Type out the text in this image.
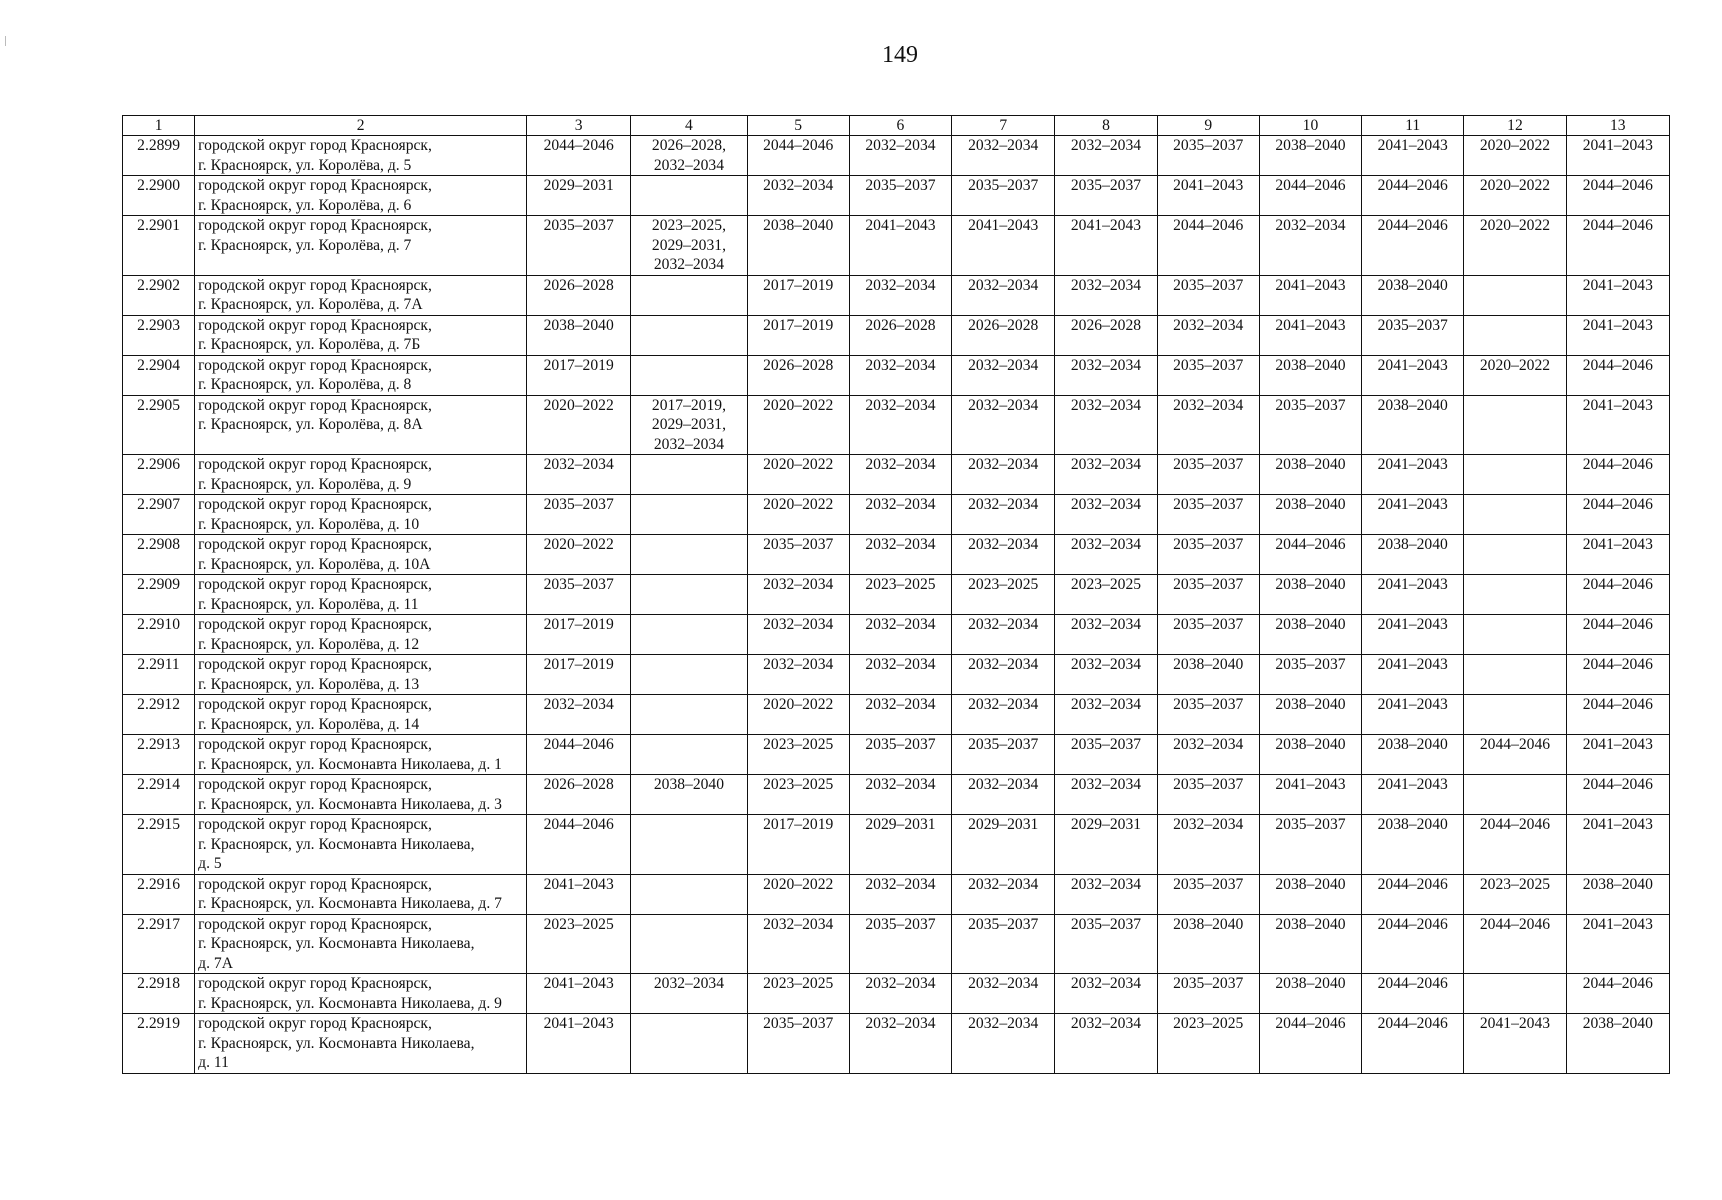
149
1	2	3	4	5	6	7	8	9	10	11	12	13
2.2899	городской округ город Красноярск,
г. Красноярск, ул. Королёва, д. 5	2044–2046	2026–2028,
2032–2034	2044–2046	2032–2034	2032–2034	2032–2034	2035–2037	2038–2040	2041–2043	2020–2022	2041–2043
2.2900	городской округ город Красноярск,
г. Красноярск, ул. Королёва, д. 6	2029–2031		2032–2034	2035–2037	2035–2037	2035–2037	2041–2043	2044–2046	2044–2046	2020–2022	2044–2046
2.2901	городской округ город Красноярск,
г. Красноярск, ул. Королёва, д. 7	2035–2037	2023–2025,
2029–2031,
2032–2034	2038–2040	2041–2043	2041–2043	2041–2043	2044–2046	2032–2034	2044–2046	2020–2022	2044–2046
2.2902	городской округ город Красноярск,
г. Красноярск, ул. Королёва, д. 7А	2026–2028		2017–2019	2032–2034	2032–2034	2032–2034	2035–2037	2041–2043	2038–2040		2041–2043
2.2903	городской округ город Красноярск,
г. Красноярск, ул. Королёва, д. 7Б	2038–2040		2017–2019	2026–2028	2026–2028	2026–2028	2032–2034	2041–2043	2035–2037		2041–2043
2.2904	городской округ город Красноярск,
г. Красноярск, ул. Королёва, д. 8	2017–2019		2026–2028	2032–2034	2032–2034	2032–2034	2035–2037	2038–2040	2041–2043	2020–2022	2044–2046
2.2905	городской округ город Красноярск,
г. Красноярск, ул. Королёва, д. 8А	2020–2022	2017–2019,
2029–2031,
2032–2034	2020–2022	2032–2034	2032–2034	2032–2034	2032–2034	2035–2037	2038–2040		2041–2043
2.2906	городской округ город Красноярск,
г. Красноярск, ул. Королёва, д. 9	2032–2034		2020–2022	2032–2034	2032–2034	2032–2034	2035–2037	2038–2040	2041–2043		2044–2046
2.2907	городской округ город Красноярск,
г. Красноярск, ул. Королёва, д. 10	2035–2037		2020–2022	2032–2034	2032–2034	2032–2034	2035–2037	2038–2040	2041–2043		2044–2046
2.2908	городской округ город Красноярск,
г. Красноярск, ул. Королёва, д. 10А	2020–2022		2035–2037	2032–2034	2032–2034	2032–2034	2035–2037	2044–2046	2038–2040		2041–2043
2.2909	городской округ город Красноярск,
г. Красноярск, ул. Королёва, д. 11	2035–2037		2032–2034	2023–2025	2023–2025	2023–2025	2035–2037	2038–2040	2041–2043		2044–2046
2.2910	городской округ город Красноярск,
г. Красноярск, ул. Королёва, д. 12	2017–2019		2032–2034	2032–2034	2032–2034	2032–2034	2035–2037	2038–2040	2041–2043		2044–2046
2.2911	городской округ город Красноярск,
г. Красноярск, ул. Королёва, д. 13	2017–2019		2032–2034	2032–2034	2032–2034	2032–2034	2038–2040	2035–2037	2041–2043		2044–2046
2.2912	городской округ город Красноярск,
г. Красноярск, ул. Королёва, д. 14	2032–2034		2020–2022	2032–2034	2032–2034	2032–2034	2035–2037	2038–2040	2041–2043		2044–2046
2.2913	городской округ город Красноярск,
г. Красноярск, ул. Космонавта Николаева, д. 1	2044–2046		2023–2025	2035–2037	2035–2037	2035–2037	2032–2034	2038–2040	2038–2040	2044–2046	2041–2043
2.2914	городской округ город Красноярск,
г. Красноярск, ул. Космонавта Николаева, д. 3	2026–2028	2038–2040	2023–2025	2032–2034	2032–2034	2032–2034	2035–2037	2041–2043	2041–2043		2044–2046
2.2915	городской округ город Красноярск,
г. Красноярск, ул. Космонавта Николаева,
д. 5	2044–2046		2017–2019	2029–2031	2029–2031	2029–2031	2032–2034	2035–2037	2038–2040	2044–2046	2041–2043
2.2916	городской округ город Красноярск,
г. Красноярск, ул. Космонавта Николаева, д. 7	2041–2043		2020–2022	2032–2034	2032–2034	2032–2034	2035–2037	2038–2040	2044–2046	2023–2025	2038–2040
2.2917	городской округ город Красноярск,
г. Красноярск, ул. Космонавта Николаева,
д. 7А	2023–2025		2032–2034	2035–2037	2035–2037	2035–2037	2038–2040	2038–2040	2044–2046	2044–2046	2041–2043
2.2918	городской округ город Красноярск,
г. Красноярск, ул. Космонавта Николаева, д. 9	2041–2043	2032–2034	2023–2025	2032–2034	2032–2034	2032–2034	2035–2037	2038–2040	2044–2046		2044–2046
2.2919	городской округ город Красноярск,
г. Красноярск, ул. Космонавта Николаева,
д. 11	2041–2043		2035–2037	2032–2034	2032–2034	2032–2034	2023–2025	2044–2046	2044–2046	2041–2043	2038–2040
